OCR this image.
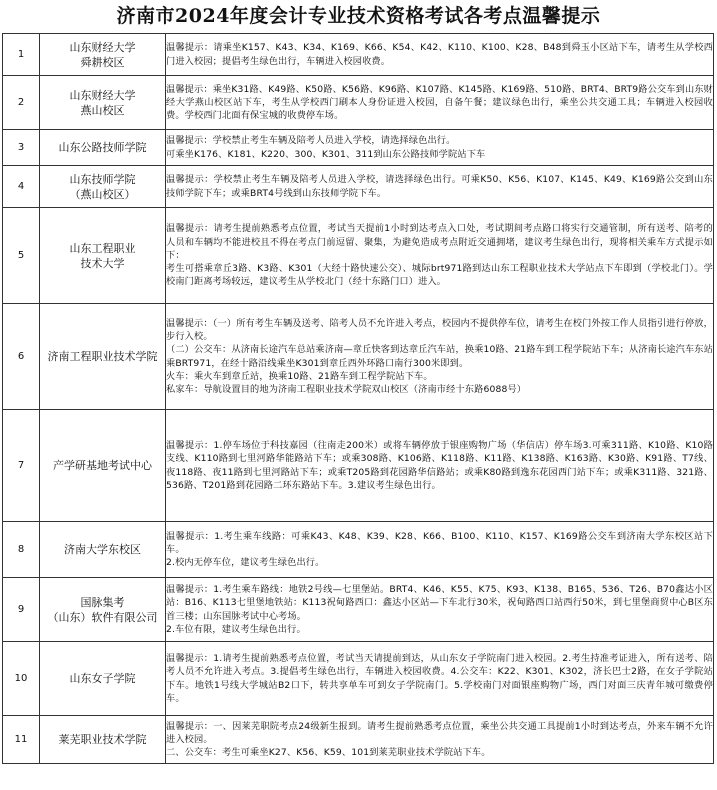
济南市2024年度会计专业技术资格考试各考点温馨提示
1	山东财经大学
舜耕校区	温馨提示：请乘坐K157、K43、K34、K169、K66、K54、K42、K110、K100、K28、B48到舜玉小区站下车，请考生从学校西门进入校园；提倡考生绿色出行，车辆进入校园收费。

2	山东财经大学
燕山校区	温馨提示：乘坐K31路、K49路、K50路、K56路、K96路、K107路、K145路、K169路、510路、BRT4、BRT9路公交车到山东财经大学燕山校区站下车，考生从学校西门刷本人身份证进入校园，自备午餐；建议绿色出行，乘坐公共交通工具；车辆进入校园收费。学校西门北面有保宝城的收费停车场。

3	山东公路技师学院	温馨提示：学校禁止考生车辆及陪考人员进入学校，请选择绿色出行。
可乘坐K176、K181、K220、300、K301、311到山东公路技师学院站下车

4	山东技师学院
（燕山校区）	温馨提示：学校禁止考生车辆及陪考人员进入学校，请选择绿色出行。可乘K50、K56、K107、K145、K49、K169路公交到山东技师学院下车；或乘BRT4号线到山东技师学院下车。

5	山东工程职业
技术大学	温馨提示：请考生提前熟悉考点位置，考试当天提前1小时到达考点入口处，考试期间考点路口将实行交通管制，所有送考、陪考的人员和车辆均不能进校且不得在考点门前逗留、聚集，为避免造成考点附近交通拥堵，建议考生绿色出行，现将相关乘车方式提示如下：
考生可搭乘章丘3路、K3路、K301（大经十路快速公交）、城际brt971路到达山东工程职业技术大学站点下车即到（学校北门）。学校南门距离考场较远，建议考生从学校北门（经十东路门口）进入。

6	济南工程职业技术学院	温馨提示：（一）所有考生车辆及送考、陪考人员不允许进入考点，校园内不提供停车位，请考生在校门外按工作人员指引进行停放，步行入校。
（二）公交车：从济南长途汽车总站乘济南—章丘快客到达章丘汽车站，换乘10路、21路车到工程学院站下车；从济南长途汽车东站乘BRT971，在经十路沿线乘坐K301到章丘西外环路口南行300米即到。
火车：乘火车到章丘站，换乘10路、21路车到工程学院站下车。
私家车：导航设置目的地为济南工程职业技术学院双山校区（济南市经十东路6088号）

7	产学研基地考试中心	温馨提示：1.停车场位于科技嘉园（往南走200米）或将车辆停放于银座购物广场（华信店）停车场3.可乘311路、K10路、K10路支线、K110路到七里河路华能路站下车；或乘308路、K106路、K118路、K11路、K138路、K163路、K30路、K91路、T7线、夜118路、夜11路到七里河路站下车；或乘T205路到花园路华信路站；或乘K80路到逸东花园西门站下车；或乘K311路、321路、536路、T201路到花园路二环东路站下车。3.建议考生绿色出行。

8	济南大学东校区	温馨提示：1.考生乘车线路：可乘K43、K48、K39、K28、K66、B100、K110、K157、K169路公交车到济南大学东校区站下车。
2.校内无停车位，建议考生绿色出行。

9	国脉集考
（山东）软件有限公司	温馨提示：1.考生乘车路线：地铁2号线—七里堡站。BRT4、K46、K55、K75、K93、K138、B165、536、T26、B70鑫达小区站：B16、K113七里堡地铁站：K113祝甸路西口：鑫达小区站—下车北行30米，祝甸路西口站西行50米，到七里堡商贸中心B区东首三楼；山东国脉考试中心考场。
2.车位有限，建议考生绿色出行。

10	山东女子学院	温馨提示：1.请考生提前熟悉考点位置，考试当天请提前到达，从山东女子学院南门进入校园。2.考生持准考证进入，所有送考、陪考人员不允许进入考点。3.提倡考生绿色出行，车辆进入校园收费。4.公交车：K22、K301、K302，济长巴士2路，在女子学院站下车。地铁1号线大学城站B2口下，转共享单车可到女子学院南门。5.学校南门对面银座购物广场，西门对面三庆青年城可缴费停车。

11	莱芜职业技术学院	温馨提示：一、因莱芜职院考点24级新生报到。请考生提前熟悉考点位置，乘坐公共交通工具提前1小时到达考点，外来车辆不允许进入校园。
二、公交车：考生可乘坐K27、K56、K59、101到莱芜职业技术学院站下车。
